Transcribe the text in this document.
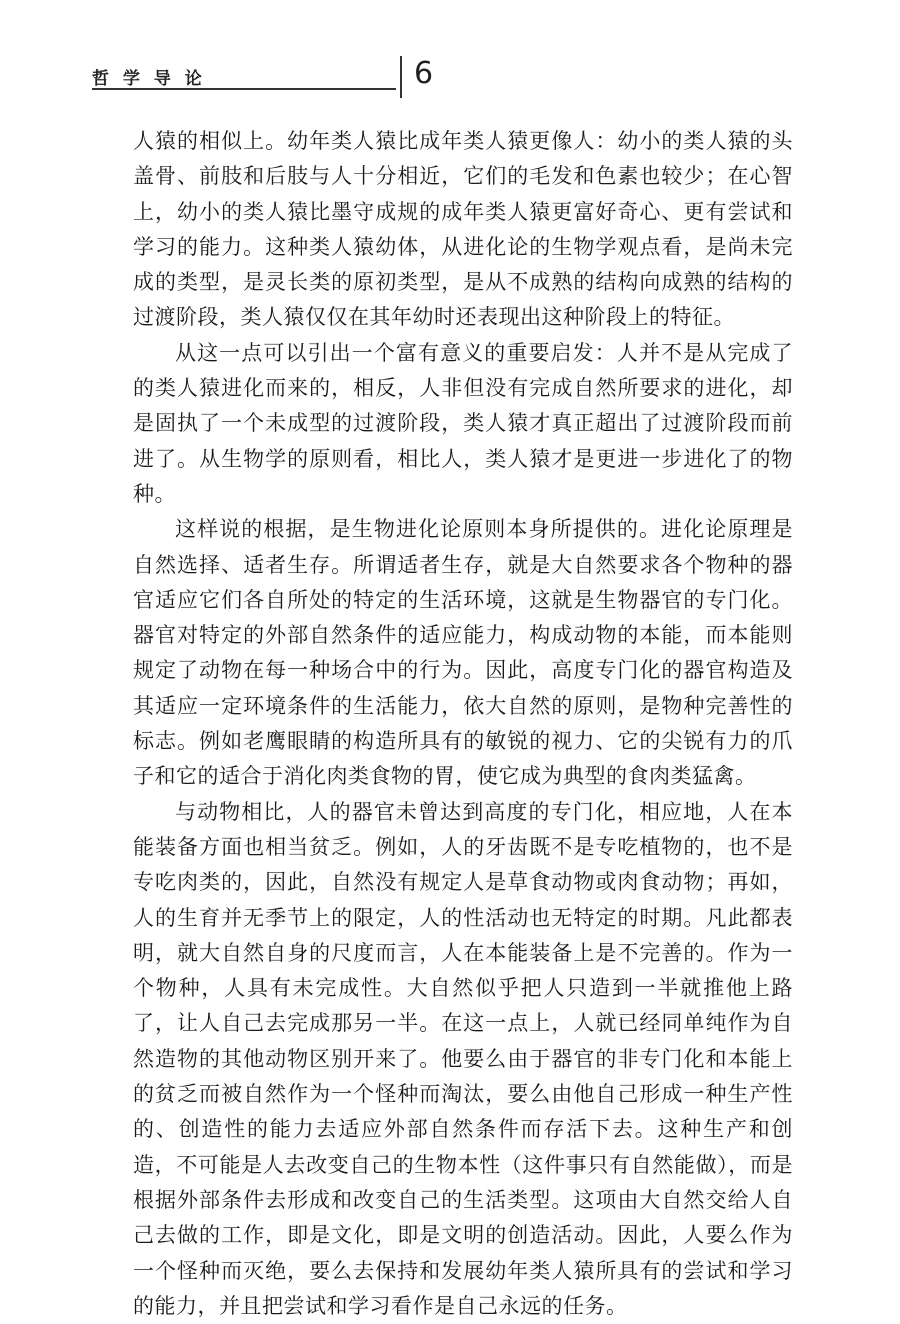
哲 学 导 论	6

人猿的相似上。幼年类人猿比成年类人猿更像人：幼小的类人猿的头盖骨、前肢和后肢与人十分相近，它们的毛发和色素也较少；在心智上，幼小的类人猿比墨守成规的成年类人猿更富好奇心、更有尝试和学习的能力。这种类人猿幼体，从进化论的生物学观点看，是尚未完成的类型，是灵长类的原初类型，是从不成熟的结构向成熟的结构的过渡阶段，类人猿仅仅在其年幼时还表现出这种阶段上的特征。

从这一点可以引出一个富有意义的重要启发：人并不是从完成了的类人猿进化而来的，相反，人非但没有完成自然所要求的进化，却是固执了一个未成型的过渡阶段，类人猿才真正超出了过渡阶段而前进了。从生物学的原则看，相比人，类人猿才是更进一步进化了的物种。

这样说的根据，是生物进化论原则本身所提供的。进化论原理是自然选择、适者生存。所谓适者生存，就是大自然要求各个物种的器官适应它们各自所处的特定的生活环境，这就是生物器官的专门化。器官对特定的外部自然条件的适应能力，构成动物的本能，而本能则规定了动物在每一种场合中的行为。因此，高度专门化的器官构造及其适应一定环境条件的生活能力，依大自然的原则，是物种完善性的标志。例如老鹰眼睛的构造所具有的敏锐的视力、它的尖锐有力的爪子和它的适合于消化肉类食物的胃，使它成为典型的食肉类猛禽。

与动物相比，人的器官未曾达到高度的专门化，相应地，人在本能装备方面也相当贫乏。例如，人的牙齿既不是专吃植物的，也不是专吃肉类的，因此，自然没有规定人是草食动物或肉食动物；再如，人的生育并无季节上的限定，人的性活动也无特定的时期。凡此都表明，就大自然自身的尺度而言，人在本能装备上是不完善的。作为一个物种，人具有未完成性。大自然似乎把人只造到一半就推他上路了，让人自己去完成那另一半。在这一点上，人就已经同单纯作为自然造物的其他动物区别开来了。他要么由于器官的非专门化和本能上的贫乏而被自然作为一个怪种而淘汰，要么由他自己形成一种生产性的、创造性的能力去适应外部自然条件而存活下去。这种生产和创造，不可能是人去改变自己的生物本性（这件事只有自然能做），而是根据外部条件去形成和改变自己的生活类型。这项由大自然交给人自己去做的工作，即是文化，即是文明的创造活动。因此，人要么作为一个怪种而灭绝，要么去保持和发展幼年类人猿所具有的尝试和学习的能力，并且把尝试和学习看作是自己永远的任务。
